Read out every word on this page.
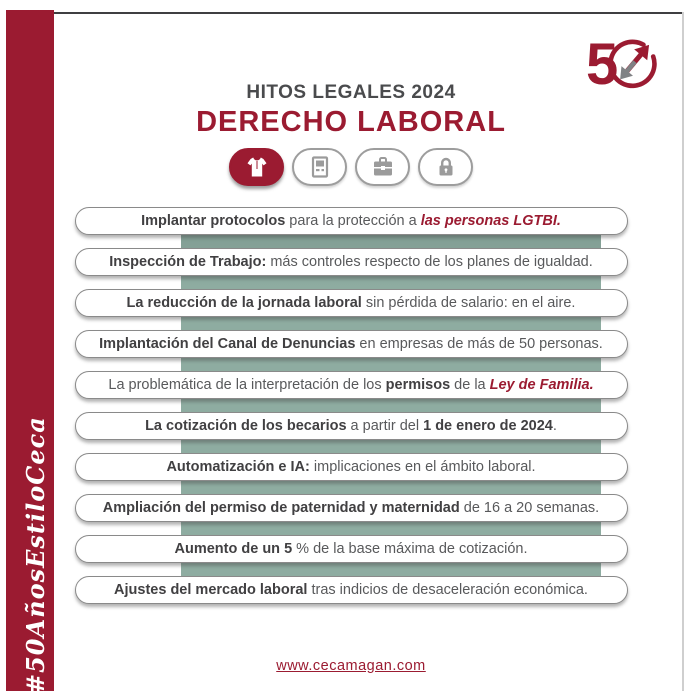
#50AñosEstiloCeca
5
HITOS LEGALES 2024
DERECHO LABORAL
Implantar protocolos para la protección a las personas LGTBI.
Inspección de Trabajo: más controles respecto de los planes de igualdad.
La reducción de la jornada laboral sin pérdida de salario: en el aire.
Implantación del Canal de Denuncias en empresas de más de 50 personas.
La problemática de la interpretación de los permisos de la Ley de Familia.
La cotización de los becarios a partir del 1 de enero de 2024 .
Automatización e IA: implicaciones en el ámbito laboral.
Ampliación del permiso de paternidad y maternidad de 16 a 20 semanas.
Aumento de un 5 % de la base máxima de cotización.
Ajustes del mercado laboral tras indicios de desaceleración económica.
www.cecamagan.com
